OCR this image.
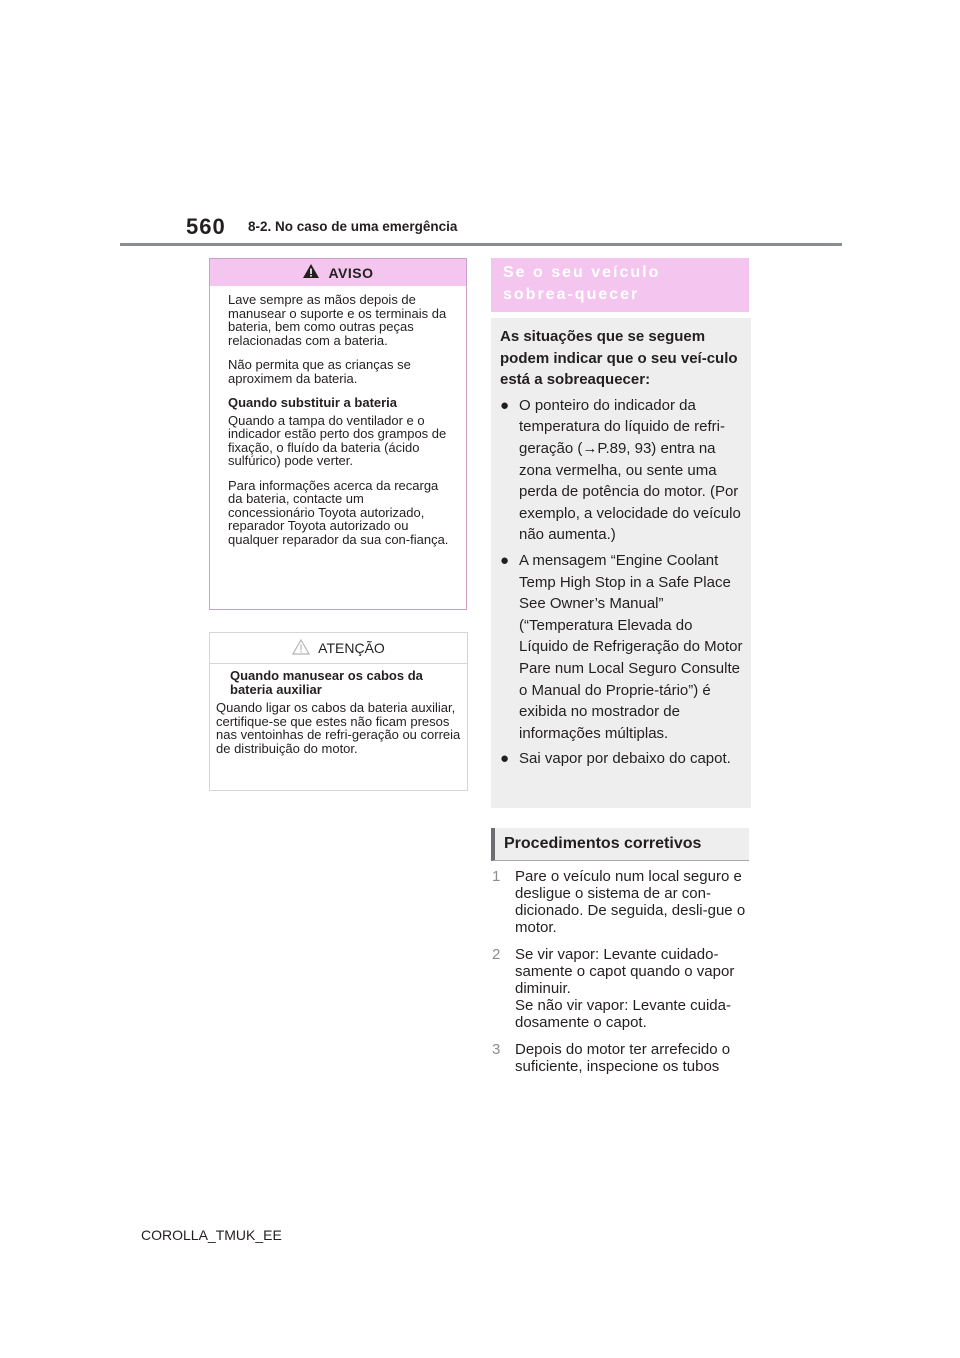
560 8-2. No caso de uma emergência
AVISO

Lave sempre as mãos depois de manusear o suporte e os terminais da bateria, bem como outras peças relacionadas com a bateria.

Não permita que as crianças se aproximem da bateria.

Quando substituir a bateria

Quando a tampa do ventilador e o indicador estão perto dos grampos de fixação, o fluído da bateria (ácido sulfúrico) pode verter.

Para informações acerca da recarga da bateria, contacte um concessionário Toyota autorizado, reparador Toyota autorizado ou qualquer reparador da sua con-fiança.

ATENÇÃO

Quando manusear os cabos da bateria auxiliar

Quando ligar os cabos da bateria auxiliar, certifique-se que estes não ficam presos nas ventoinhas de refri-geração ou correia de distribuição do motor.

Se o seu veículo sobrea-quecer

As situações que se seguem podem indicar que o seu veí-culo está a sobreaquecer:

● O ponteiro do indicador da temperatura do líquido de refri-geração (→P.89, 93) entra na zona vermelha, ou sente uma perda de potência do motor. (Por exemplo, a velocidade do veículo não aumenta.)
● A mensagem “Engine Coolant Temp High Stop in a Safe Place See Owner’s Manual” (“Temperatura Elevada do Líquido de Refrigeração do Motor Pare num Local Seguro Consulte o Manual do Proprie-tário”) é exibida no mostrador de informações múltiplas.
● Sai vapor por debaixo do capot.
Procedimentos corretivos
1 Pare o veículo num local seguro e desligue o sistema de ar con-dicionado. De seguida, desli-gue o motor.
2 Se vir vapor: Levante cuidado-samente o capot quando o vapor diminuir.
Se não vir vapor: Levante cuida-dosamente o capot.
3 Depois do motor ter arrefecido o suficiente, inspecione os tubos
COROLLA_TMUK_EE
